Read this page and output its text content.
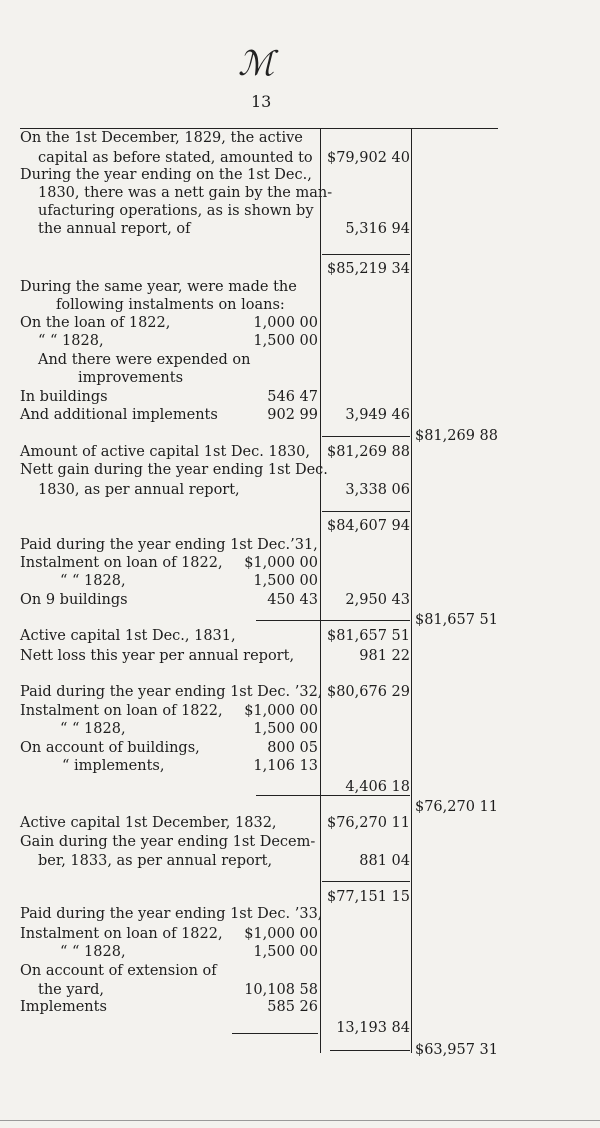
ℳ
13
On the 1st December, 1829, the active
capital as before stated, amounted to
During the year ending on the 1st Dec.,
1830, there was a nett gain by the man-
ufacturing operations, as is shown by
the annual report, of
During the same year, were made the
following instalments on loans:
On the loan of 1822,
“ “ 1828,
And there were expended on
improvements
In buildings
And additional implements
Amount of active capital 1st Dec. 1830,
Nett gain during the year ending 1st Dec.
1830, as per annual report,
Paid during the year ending 1st Dec.’31,
Instalment on loan of 1822,
“ “ 1828,
On 9 buildings
Active capital 1st Dec., 1831,
Nett loss this year per annual report,
Paid during the year ending 1st Dec. ’32,
Instalment on loan of 1822,
“ “ 1828,
On account of buildings,
“ implements,
Active capital 1st December, 1832,
Gain during the year ending 1st Decem-
ber, 1833, as per annual report,
Paid during the year ending 1st Dec. ’33,
Instalment on loan of 1822,
“ “ 1828,
On account of extension of
the yard,
Implements
$79,902 40
5,316 94
$85,219 34
1,000 00
1,500 00
546 47
902 99	3,949 46
$81,269 88
$81,269 88
3,338 06
$84,607 94
$1,000 00
1,500 00
450 43	2,950 43
$81,657 51
$81,657 51
981 22
$80,676 29
$1,000 00
1,500 00
800 05
1,106 13
4,406 18
$76,270 11
$76,270 11
881 04
$77,151 15
$1,000 00
1,500 00
10,108 58
585 26
13,193 84
$63,957 31
